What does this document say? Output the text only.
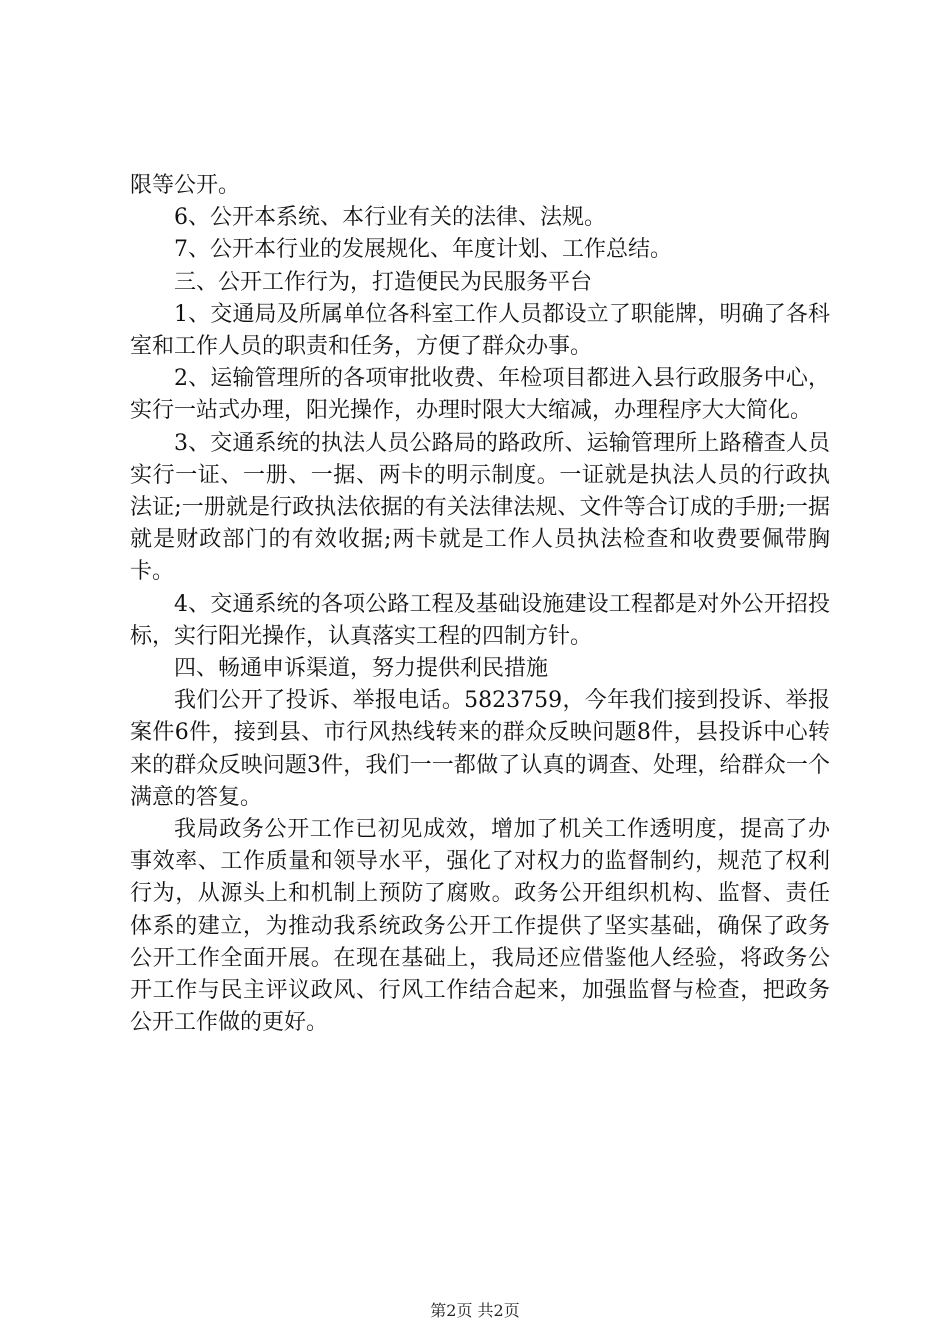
限等公开。

6、公开本系统、本行业有关的法律、法规。

7、公开本行业的发展规化、年度计划、工作总结。

三、公开工作行为，打造便民为民服务平台

1、交通局及所属单位各科室工作人员都设立了职能牌，明确了各科室和工作人员的职责和任务，方便了群众办事。

2、运输管理所的各项审批收费、年检项目都进入县行政服务中心，实行一站式办理，阳光操作，办理时限大大缩减，办理程序大大简化。

3、交通系统的执法人员公路局的路政所、运输管理所上路稽查人员实行一证、一册、一据、两卡的明示制度。一证就是执法人员的行政执法证;一册就是行政执法依据的有关法律法规、文件等合订成的手册;一据就是财政部门的有效收据;两卡就是工作人员执法检查和收费要佩带胸卡。

4、交通系统的各项公路工程及基础设施建设工程都是对外公开招投标，实行阳光操作，认真落实工程的四制方针。

四、畅通申诉渠道，努力提供利民措施

我们公开了投诉、举报电话。5823759，今年我们接到投诉、举报案件6件，接到县、市行风热线转来的群众反映问题8件，县投诉中心转来的群众反映问题3件，我们一一都做了认真的调查、处理，给群众一个满意的答复。

我局政务公开工作已初见成效，增加了机关工作透明度，提高了办事效率、工作质量和领导水平，强化了对权力的监督制约，规范了权利行为，从源头上和机制上预防了腐败。政务公开组织机构、监督、责任体系的建立，为推动我系统政务公开工作提供了坚实基础，确保了政务公开工作全面开展。在现在基础上，我局还应借鉴他人经验，将政务公开工作与民主评议政风、行风工作结合起来，加强监督与检查，把政务公开工作做的更好。

第2页 共2页
